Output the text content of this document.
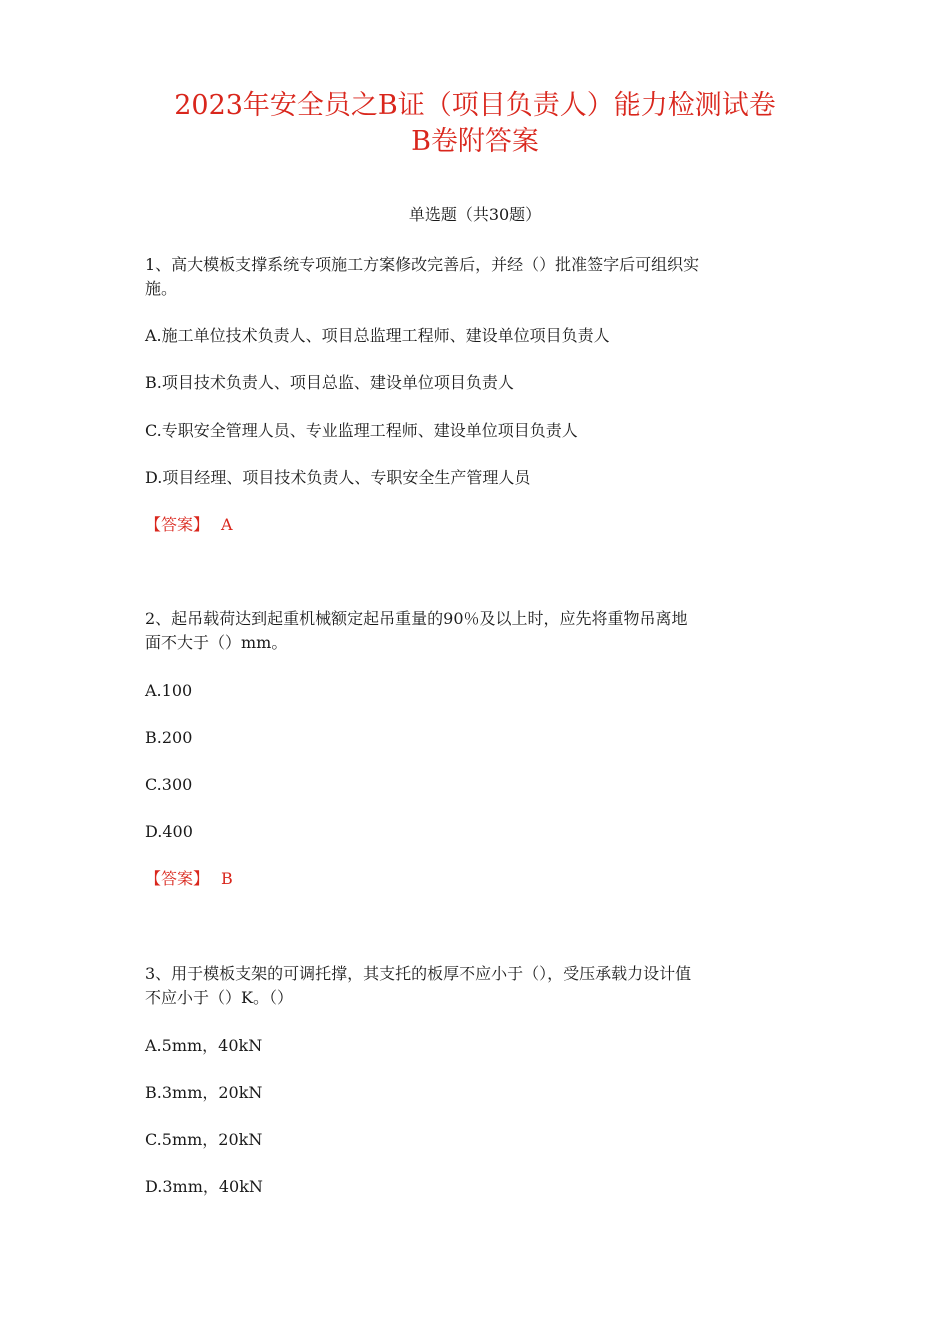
2023年安全员之B证（项目负责人）能力检测试卷
B卷附答案
单选题（共30题）
1、高大模板支撑系统专项施工方案修改完善后，并经（）批准签字后可组织实
施。
A.施工单位技术负责人、项目总监理工程师、建设单位项目负责人
B.项目技术负责人、项目总监、建设单位项目负责人
C.专职安全管理人员、专业监理工程师、建设单位项目负责人
D.项目经理、项目技术负责人、专职安全生产管理人员
【答案】 A
2、起吊载荷达到起重机械额定起吊重量的90％及以上时，应先将重物吊离地
面不大于（）mm。
A.100
B.200
C.300
D.400
【答案】 B
3、用于模板支架的可调托撑，其支托的板厚不应小于（），受压承载力设计值
不应小于（）K。（）
A.5mm，40kN
B.3mm，20kN
C.5mm，20kN
D.3mm，40kN
